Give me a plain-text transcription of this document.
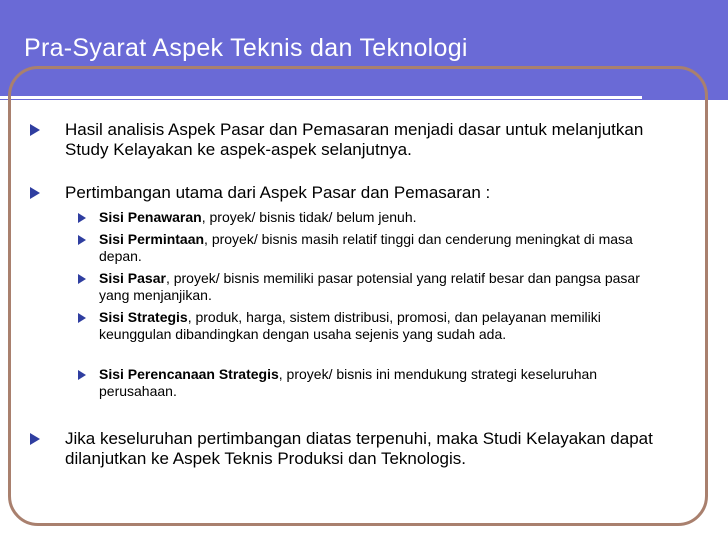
Pra-Syarat Aspek Teknis dan Teknologi
Hasil analisis Aspek Pasar dan Pemasaran menjadi dasar untuk melanjutkan Study Kelayakan ke aspek-aspek selanjutnya.
Pertimbangan utama dari Aspek Pasar dan Pemasaran :
Sisi Penawaran, proyek/ bisnis tidak/ belum jenuh.
Sisi Permintaan, proyek/ bisnis masih relatif tinggi dan cenderung meningkat di masa depan.
Sisi Pasar, proyek/ bisnis memiliki pasar potensial yang relatif besar dan pangsa pasar yang menjanjikan.
Sisi Strategis, produk, harga, sistem distribusi, promosi, dan pelayanan memiliki keunggulan dibandingkan dengan usaha sejenis yang sudah ada.
Sisi Perencanaan Strategis, proyek/ bisnis ini mendukung strategi keseluruhan perusahaan.
Jika keseluruhan pertimbangan diatas terpenuhi, maka Studi Kelayakan dapat dilanjutkan ke Aspek Teknis Produksi dan Teknologis.
